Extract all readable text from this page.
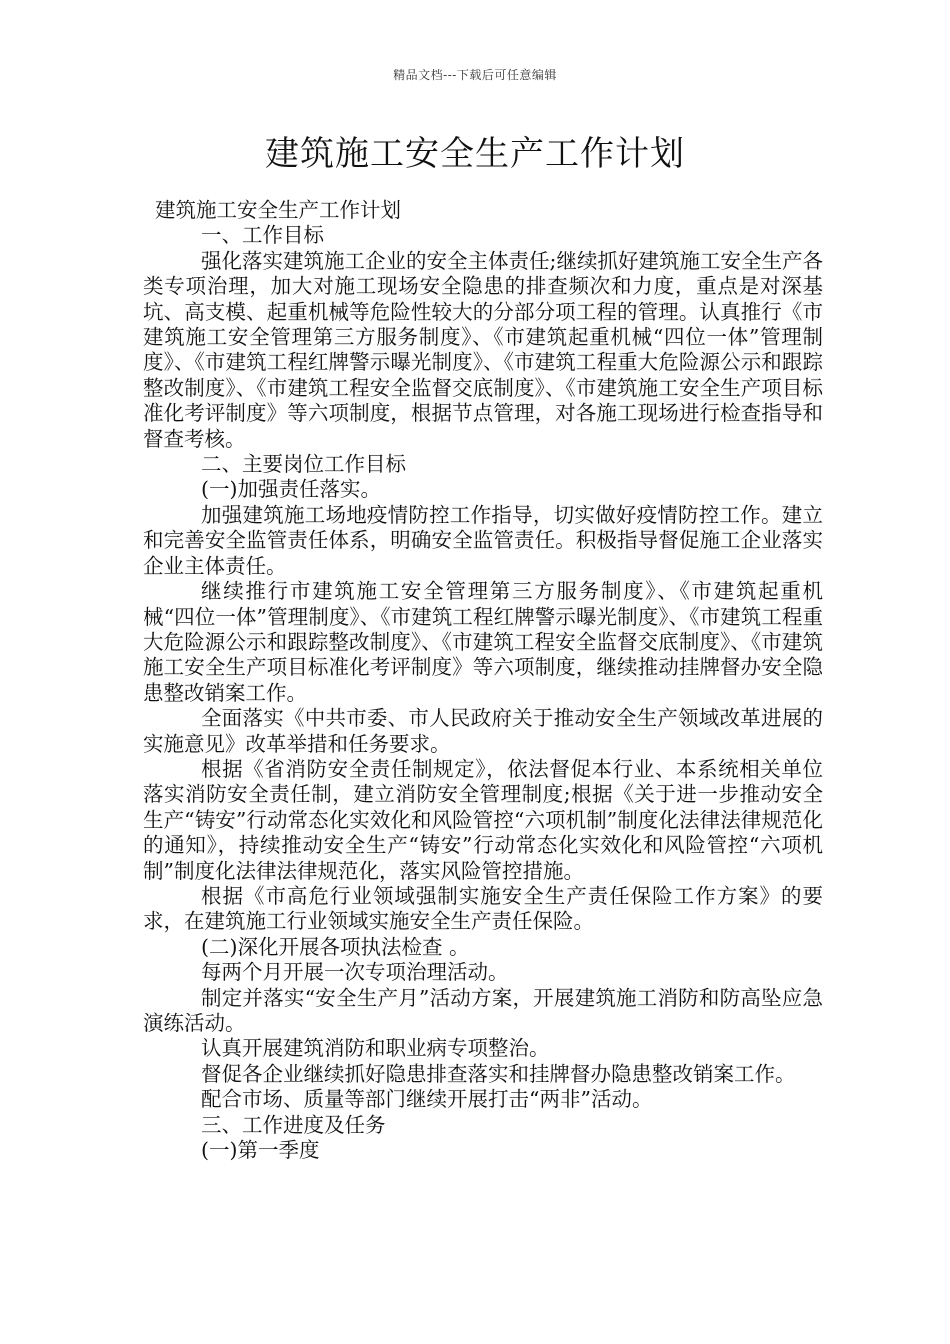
精品文档---下载后可任意编辑
建筑施工安全生产工作计划

建筑施工安全生产工作计划

一、工作目标

强化落实建筑施工企业的安全主体责任;继续抓好建筑施工安全生产各类专项治理，加大对施工现场安全隐患的排查频次和力度，重点是对深基坑、高支模、起重机械等危险性较大的分部分项工程的管理。认真推行《市建筑施工安全管理第三方服务制度》、《市建筑起重机械“四位一体”管理制度》、《市建筑工程红牌警示曝光制度》、《市建筑工程重大危险源公示和跟踪整改制度》、《市建筑工程安全监督交底制度》、《市建筑施工安全生产项目标准化考评制度》等六项制度，根据节点管理，对各施工现场进行检查指导和督查考核。

二、主要岗位工作目标

(一)加强责任落实。

加强建筑施工场地疫情防控工作指导，切实做好疫情防控工作。建立和完善安全监管责任体系，明确安全监管责任。积极指导督促施工企业落实企业主体责任。

继续推行市建筑施工安全管理第三方服务制度》、《市建筑起重机械“四位一体”管理制度》、《市建筑工程红牌警示曝光制度》、《市建筑工程重大危险源公示和跟踪整改制度》、《市建筑工程安全监督交底制度》、《市建筑施工安全生产项目标准化考评制度》等六项制度，继续推动挂牌督办安全隐患整改销案工作。

全面落实《中共市委、市人民政府关于推动安全生产领域改革进展的实施意见》改革举措和任务要求。

根据《省消防安全责任制规定》，依法督促本行业、本系统相关单位落实消防安全责任制，建立消防安全管理制度;根据《关于进一步推动安全生产“铸安”行动常态化实效化和风险管控“六项机制”制度化法律法律规范化的通知》，持续推动安全生产“铸安”行动常态化实效化和风险管控“六项机制”制度化法律法律规范化，落实风险管控措施。

根据《市高危行业领域强制实施安全生产责任保险工作方案》的要求，在建筑施工行业领域实施安全生产责任保险。

(二)深化开展各项执法检查 。

每两个月开展一次专项治理活动。

制定并落实“安全生产月”活动方案，开展建筑施工消防和防高坠应急演练活动。

认真开展建筑消防和职业病专项整治。

督促各企业继续抓好隐患排查落实和挂牌督办隐患整改销案工作。

配合市场、质量等部门继续开展打击“两非”活动。

三、工作进度及任务

(一)第一季度
